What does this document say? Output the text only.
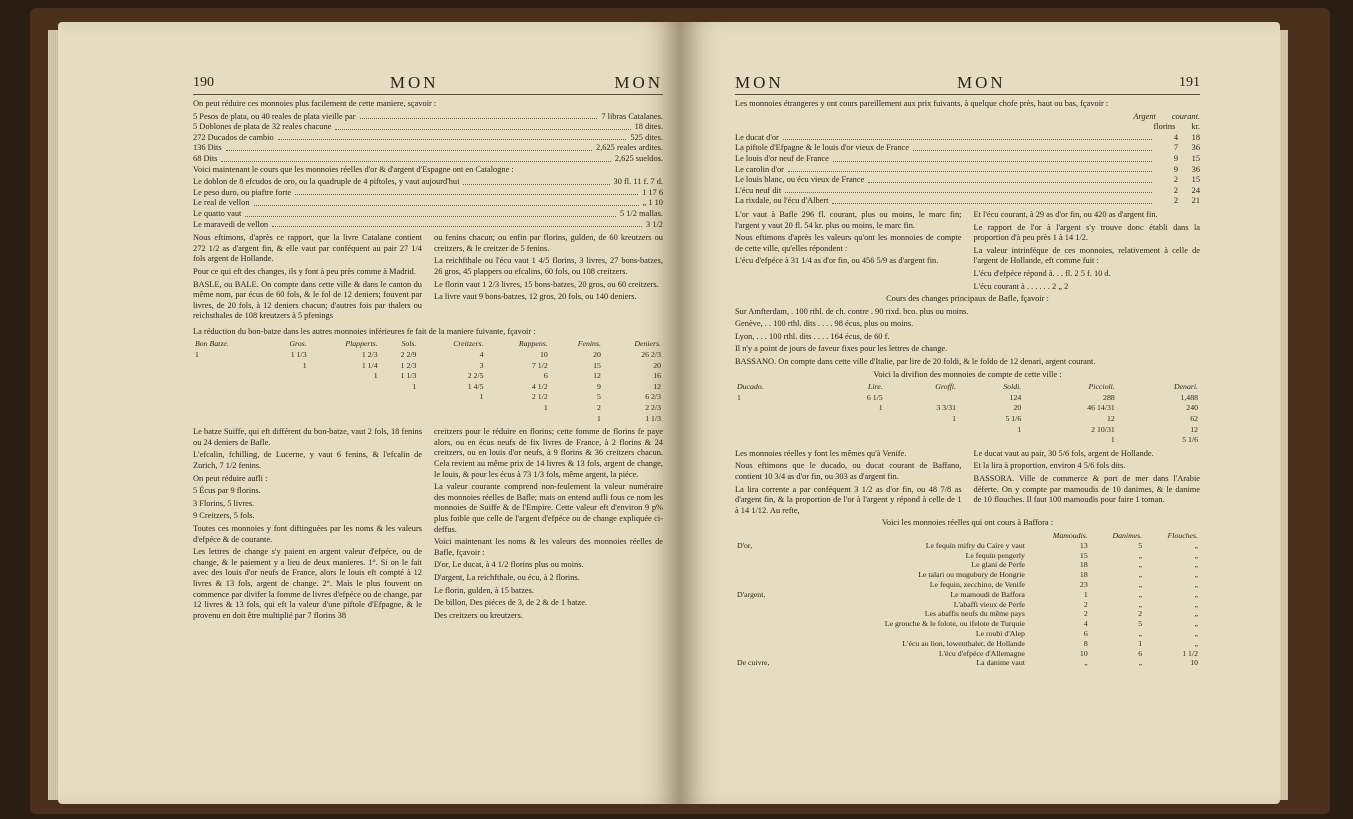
190	MON	MON

On peut réduire ces monnoies plus facilement de cette maniere, sçavoir :

5 Pesos de plata, ou 40 reales de plata vieille par	7 libras Catalanes.
5 Doblones de plata de 32 reales chacune	18 dites.
272 Ducados de cambio	525 dites.
136 Dits	2,625 reales ardites.
68 Dits	2,625 sueldos.

Voici maintenant le cours que les monnoies réelles d'or & d'argent d'Espagne ont en Catalogne :

Le doblon de 8 efcudos de oro, ou la quadruple de 4 piftoles, y vaut aujourd'hui	30 fl. 11 f. 7 d.
Le peso duro, ou piaftre forte	1 17 6
Le real de vellon	„ 1 10
Le quatto vaut	5 1/2 mallas.
Le maravedi de vellon	3 1/2

Nous eftimons, d'après ce rapport, que la livre Catalane contient 272 1/2 as d'argent fin, & elle vaut par conféquent au pair 27 1/4 fols argent de Hollande.

Pour ce qui eft des changes, ils y font à peu près comme à Madrid.

BASLE, ou BALE. On compte dans cette ville & dans le canton du même nom, par écus de 60 fols, & le fol de 12 deniers; fouvent par livres, de 20 fols, à 12 deniers chacun; d'autres fois par thalers ou reichsthales de 108 kreutzers à 5 pfenings

ou fenins chacun; ou enfin par florins, gulden, de 60 kreutzers ou creitzers, & le creitzer de 5 fenins.

La reichfthale ou l'écu vaut 1 4/5 florins, 3 livres, 27 bons-batzes, 26 gros, 45 plappers ou efcalins, 60 fols, ou 108 creitzers.

Le florin vaut 1 2/3 livres, 15 bons-batzes, 20 gros, ou 60 creitzers.

La livre vaut 9 bons-batzes, 12 gros, 20 fols, ou 140 deniers.

La réduction du bon-batze dans les autres monnoies inférieures fe fait de la maniere fuivante, fçavoir :

Bon Batze.	Gros.	Plapperts.	Sols.	Creitzers.	Rappens.	Fenins.	Deniers.
1	1 1/3	1 2/3	2 2/9	4	10	20	26 2/3
	1	1 1/4	1 2/3	3	7 1/2	15	20
		1	1 1/3	2 2/5	6	12	16
			1	1 4/5	4 1/2	9	12
				1	2 1/2	5	6 2/3
					1	2	2 2/3
						1	1 1/3

Le batze Suiffe, qui eft différent du bon-batze, vaut 2 fols, 18 fenins ou 24 deniers de Bafle.

L'efcalin, fchilling, de Lucerne, y vaut 6 fenins, & l'efcalin de Zurich, 7 1/2 fenins.

On peut réduire aufli :

5 Écus par 9 florins.

3 Florins, 5 livres.

9 Creitzers, 5 fols.

Toutes ces monnoies y font diftinguées par les noms & les valeurs d'efpéce & de courante.

Les lettres de change s'y paient en argent valeur d'efpéce, ou de change, & le paiement y a lieu de deux manieres. 1°. Si on le fait avec des louis d'or neufs de France, alors le louis eft compté à 12 livres & 13 fols, argent de change. 2°. Mais le plus fouvent on commence par divifer la fomme de livres d'efpéce ou de change, par 12 livres & 13 fols, qui eft la valeur d'une piftole d'Efpagne, & le provenu en doit être multiplié par 7 florins 38

creitzers pour le réduire en florins; cette fomme de florins fe paye alors, ou en écus neufs de fix livres de France, à 2 florins & 24 creitzers, ou en louis d'or neufs, à 9 florins & 36 creitzers chacun. Cela revient au même prix de 14 livres & 13 fols, argent de change, le louis, & pour les écus à 73 1/3 fols, même argent, la piéce.

La valeur courante comprend non-feulement la valeur numéraire des monnoies réelles de Bafle; mais on entend aufli fous ce nom les monnoies de Suiffe & de l'Empire. Cette valeur eft d'environ 9 p% plus foible que celle de l'argent d'efpéce ou de change expliquée ci-deffus.

Voici maintenant les noms & les valeurs des monnoies réelles de Bafle, fçavoir :

D'or, Le ducat, à 4 1/2 florins plus ou moins.

D'argent, La reichfthale, ou écu, à 2 florins.

Le florin, gulden, à 15 batzes.

De billon, Des piéces de 3, de 2 & de 1 batze.

Des creitzers ou kreutzers.

MON	MON	191

Les monnoies étrangeres y ont cours pareillement aux prix fuivants, à quelque chofe près, haut ou bas, fçavoir :

Argent courant.
florins kr.
Le ducat d'or	4 18
La piftole d'Efpagne & le louis d'or vieux de France	7 36
Le louis d'or neuf de France	9 15
Le carolin d'or	9 36
Le louis blanc, ou écu vieux de France	2 15
L'écu neuf dit	2 24
La rixdale, ou l'écu d'Albert	2 21

L'or vaut à Bafle 296 fl. courant, plus ou moins, le marc fin; l'argent y vaut 20 fl. 54 kr. plus ou moins, le marc fin.

Nous eftimons d'après les valeurs qu'ont les monnoies de compte de cette ville, qu'elles répondent :

L'écu d'efpéce à 31 1/4 as d'or fin, ou 456 5/9 as d'argent fin.

Et l'écu courant, à 29 as d'or fin, ou 420 as d'argent fin.

Le rapport de l'or à l'argent s'y trouve donc établi dans la proportion d'à peu près 1 à 14 1/2.

La valeur intrinféque de ces monnoies, relativement à celle de l'argent de Hollande, eft comme fuit :

L'écu d'efpéce répond à. . . fl. 2 5 f. 10 d.

L'écu courant à . . . . . . 2 „ 2

Cours des changes principaux de Bafle, fçavoir :

Sur Amfterdam, . 100 rthl. de ch. contre . 90 rixd. bco. plus ou moins.

Genève, . . 100 rthl. dits . . . . 98 écus, plus ou moins.

Lyon, . . . 100 rthl. dits . . . . 164 écus, de 60 f.

Il n'y a point de jours de faveur fixes pour les lettres de change.

BASSANO. On compte dans cette ville d'Italie, par lire de 20 foldi, & le foldo de 12 denari, argent courant.

Voici la divifion des monnoies de compte de cette ville :

Ducado.	Lire.	Groffi.	Soldi.	Piccioli.	Denari.
1	6 1/5		124	288	1,488
	1	3 3/31	20	46 14/31	240
		1	5 1/6	12	62
			1	2 10/31	12
				1	5 1/6

Les monnoies réelles y font les mêmes qu'à Venife.

Nous eftimons que le ducado, ou ducat courant de Baffano, contient 10 3/4 as d'or fin, ou 303 as d'argent fin.

La lira corrente a par conféquent 3 1/2 as d'or fin, ou 48 7/8 as d'argent fin, & la proportion de l'or à l'argent y répond à celle de 1 à 14 1/12. Au refte,

Le ducat vaut au pair, 30 5/6 fols, argent de Hollande.

Et la lira à proportion, environ 4 5/6 fols dits.

BASSORA. Ville de commerce & port de mer dans l'Arabie déferte. On y compte par mamoudis de 10 danimes, & le danime de 10 flouches. Il faut 100 mamoudis pour faire 1 toman.

Voici les monnoies réelles qui ont cours à Baffora :

		Mamoudis.	Danimes.	Flouches.
D'or,	Le fequin mifry du Caire y vaut	13	5	„
	Le fequin pengerly	15	„	„
	Le glani de Perfe	18	„	„
	Le talari ou mugubury de Hongrie	18	„	„
	Le fequin, zecchino, de Venife	23	„	„
D'argent,	Le mamoudi de Baffora	1	„	„
	L'abaffi vieux de Perfe	2	„	„
	Les abaffis neufs du même pays	2	2	„
	Le grouche & le folote, ou ifelote de Turquie	4	5	„
	Le roubi d'Alep	6	„	„
	L'écu au lion, lowenthaler, de Hollande	8	1	„
	L'écu d'efpéce d'Allemagne	10	6	1 1/2
De cuivre,	La danime vaut	„	„	10
